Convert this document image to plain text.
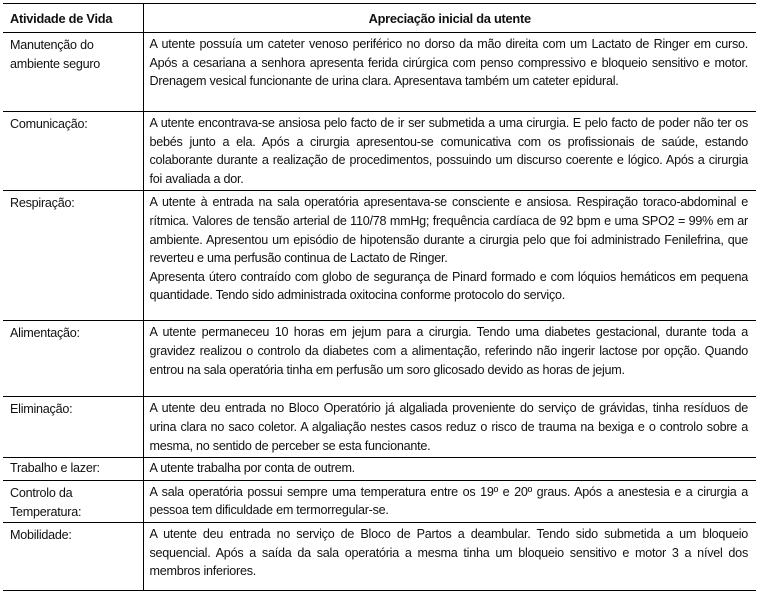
Atividade de Vida	Apreciação inicial da utente
Manutenção do ambiente seguro	A utente possuía um cateter venoso periférico no dorso da mão direita com um Lactato de Ringer em curso. Após a cesariana a senhora apresenta ferida cirúrgica com penso compressivo e bloqueio sensitivo e motor. Drenagem vesical funcionante de urina clara. Apresentava também um cateter epidural.

Comunicação:	A utente encontrava-se ansiosa pelo facto de ir ser submetida a uma cirurgia. E pelo facto de poder não ter os bebés junto a ela. Após a cirurgia apresentou-se comunicativa com os profissionais de saúde, estando colaborante durante a realização de procedimentos, possuindo um discurso coerente e lógico. Após a cirurgia foi avaliada a dor.

Respiração:	A utente à entrada na sala operatória apresentava-se consciente e ansiosa. Respiração toraco-abdominal e rítmica. Valores de tensão arterial de 110/78 mmHg; frequência cardíaca de 92 bpm e uma SPO2 = 99% em ar ambiente. Apresentou um episódio de hipotensão durante a cirurgia pelo que foi administrado Fenilefrina, que reverteu e uma perfusão continua de Lactato de Ringer.
Apresenta útero contraído com globo de segurança de Pinard formado e com lóquios hemáticos em pequena quantidade. Tendo sido administrada oxitocina conforme protocolo do serviço.

Alimentação:	A utente permaneceu 10 horas em jejum para a cirurgia. Tendo uma diabetes gestacional, durante toda a gravidez realizou o controlo da diabetes com a alimentação, referindo não ingerir lactose por opção. Quando entrou na sala operatória tinha em perfusão um soro glicosado devido as horas de jejum.

Eliminação:	A utente deu entrada no Bloco Operatório já algaliada proveniente do serviço de grávidas, tinha resíduos de urina clara no saco coletor. A algaliação nestes casos reduz o risco de trauma na bexiga e o controlo sobre a mesma, no sentido de perceber se esta funcionante.

Trabalho e lazer:	A utente trabalha por conta de outrem.

Controlo da Temperatura:	A sala operatória possui sempre uma temperatura entre os 19º e 20º graus. Após a anestesia e a cirurgia a pessoa tem dificuldade em termorregular-se.

Mobilidade:	A utente deu entrada no serviço de Bloco de Partos a deambular. Tendo sido submetida a um bloqueio sequencial. Após a saída da sala operatória a mesma tinha um bloqueio sensitivo e motor 3 a nível dos membros inferiores.
